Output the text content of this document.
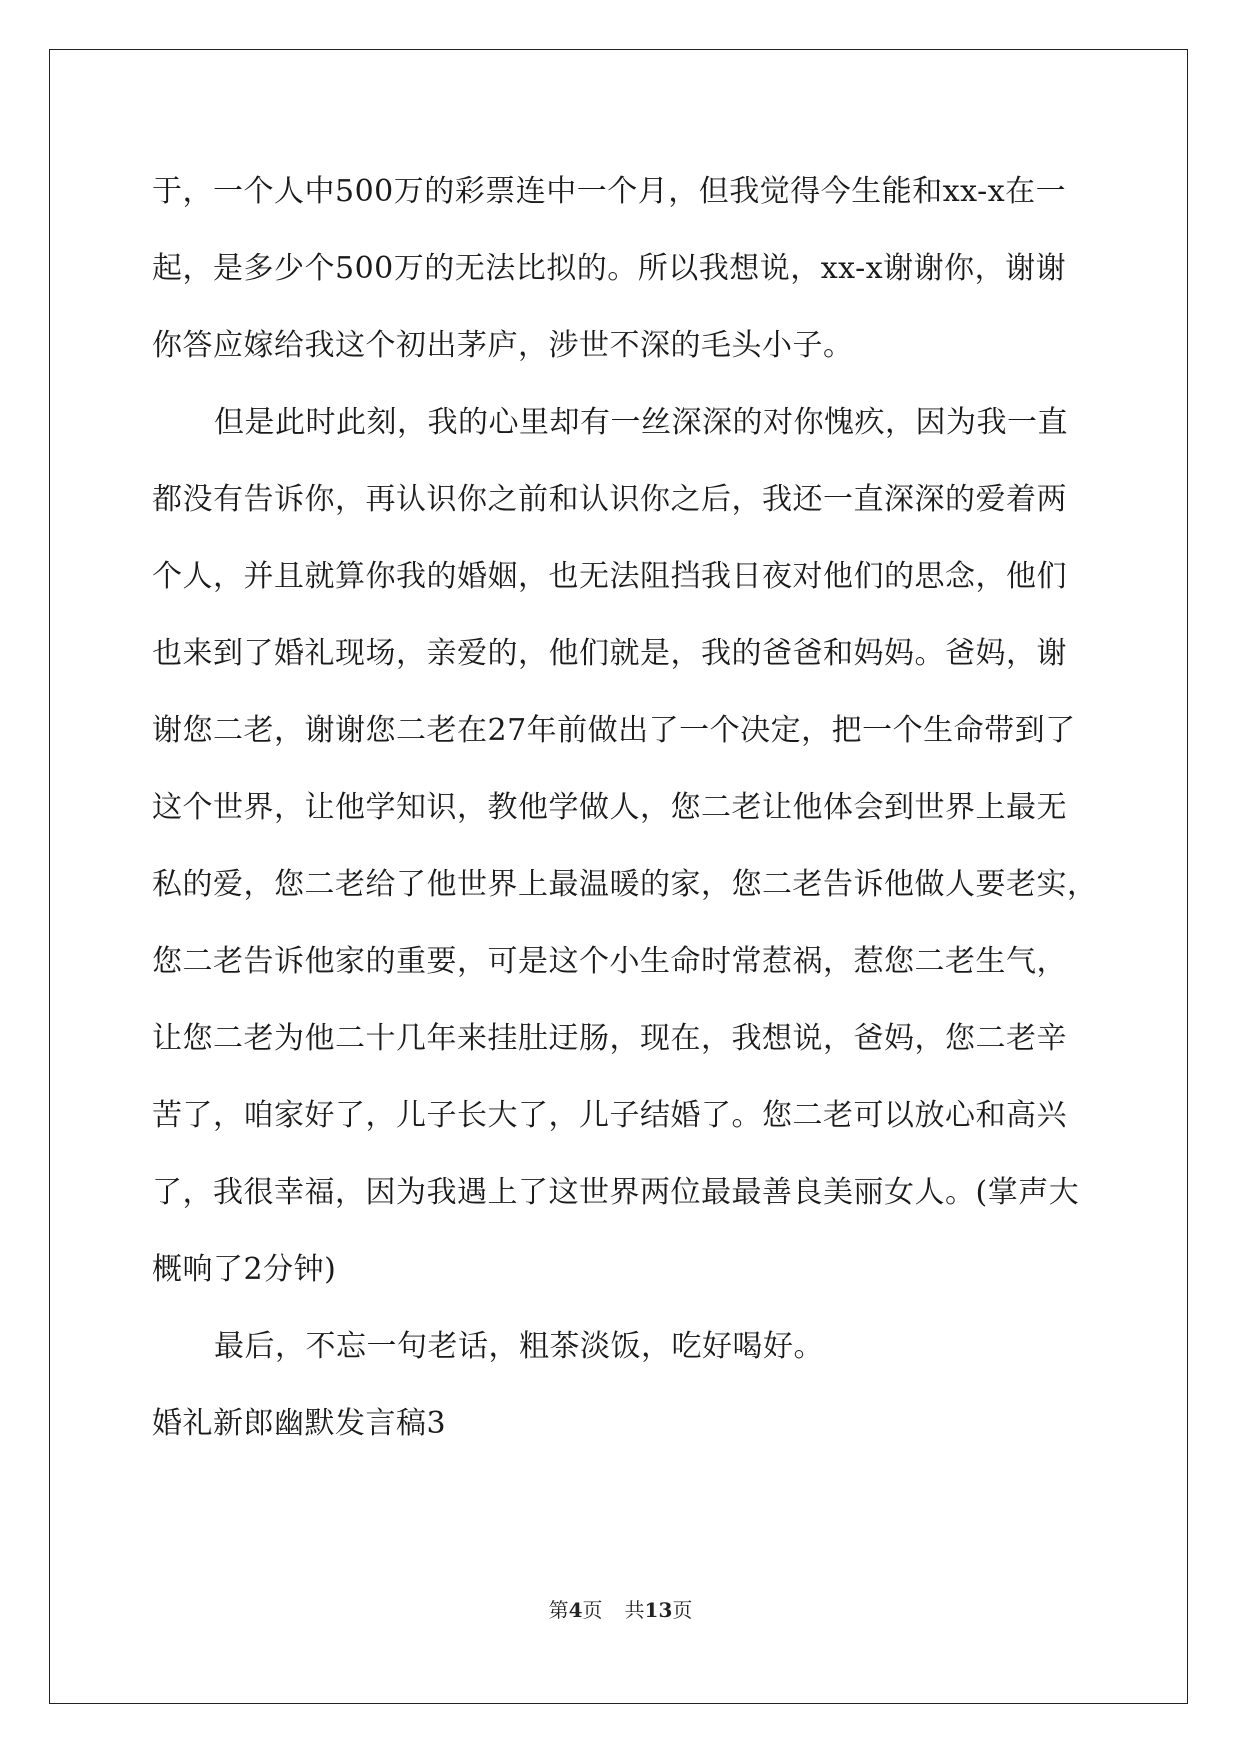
于，一个人中500万的彩票连中一个月，但我觉得今生能和xx-x在一
起，是多少个500万的无法比拟的。所以我想说，xx-x谢谢你，谢谢
你答应嫁给我这个初出茅庐，涉世不深的毛头小子。
但是此时此刻，我的心里却有一丝深深的对你愧疚，因为我一直
都没有告诉你，再认识你之前和认识你之后，我还一直深深的爱着两
个人，并且就算你我的婚姻，也无法阻挡我日夜对他们的思念，他们
也来到了婚礼现场，亲爱的，他们就是，我的爸爸和妈妈。爸妈，谢
谢您二老，谢谢您二老在27年前做出了一个决定，把一个生命带到了
这个世界，让他学知识，教他学做人，您二老让他体会到世界上最无
私的爱，您二老给了他世界上最温暖的家，您二老告诉他做人要老实，
您二老告诉他家的重要，可是这个小生命时常惹祸，惹您二老生气，
让您二老为他二十几年来挂肚迂肠，现在，我想说，爸妈，您二老辛
苦了，咱家好了，儿子长大了，儿子结婚了。您二老可以放心和高兴
了，我很幸福，因为我遇上了这世界两位最最善良美丽女人。(掌声大
概响了2分钟)
最后，不忘一句老话，粗茶淡饭，吃好喝好。
婚礼新郎幽默发言稿3
第4页 共13页
